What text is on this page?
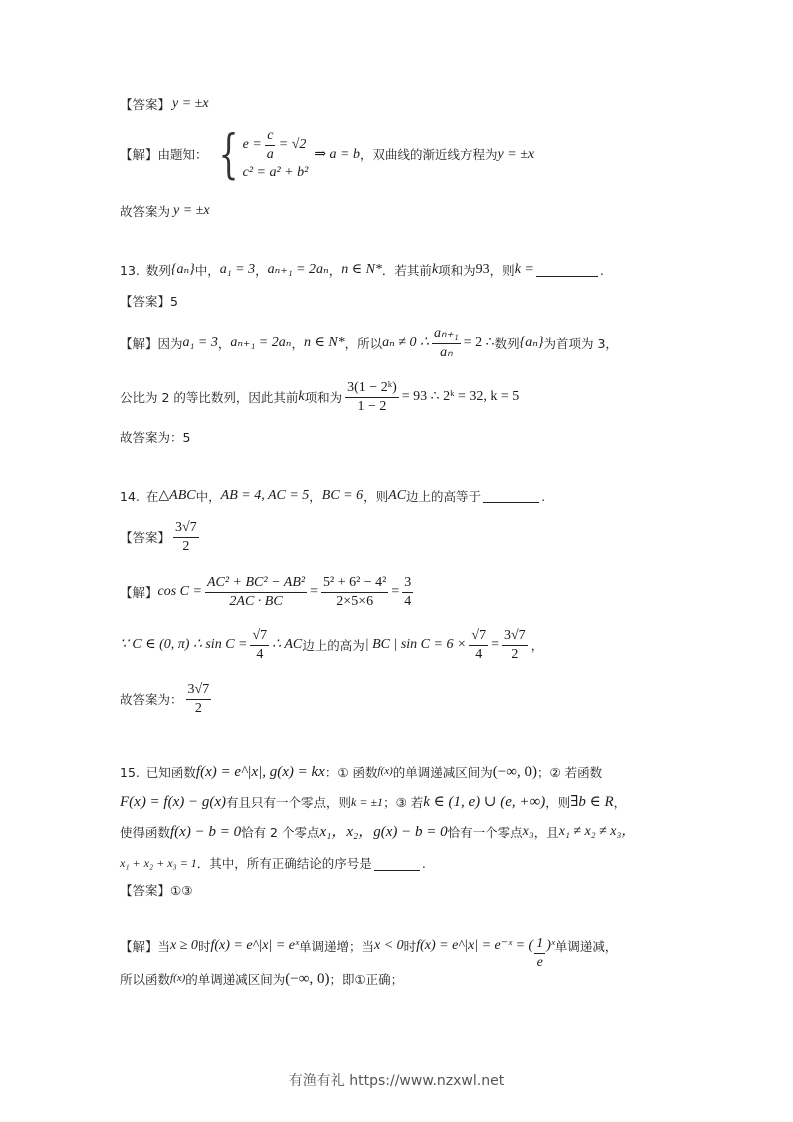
【答案】 y = ±x
【解】 由题知： { $e = \frac{c}{a} = √2$
c² = a² + b²
⇒ a = b ，双曲线的渐近线方程为 y = ±x
故答案为 y = ±x
13. 数列 {aₙ} 中， a₁ = 3 ， aₙ₊₁ = 2aₙ ， n ∈ N* ．若其前 k 项和为 93 ，则 k =	.
【答案】 5
【解】 因为 a₁ = 3 ， aₙ₊₁ = 2aₙ ， n ∈ N* ，所以 aₙ ≠ 0 ∴ $\frac{\text{aₙ₊₁}}{\text{aₙ}} = 2$ ∴ 数列 {aₙ} 为首项为 3，
公比为 2 的等比数列，因此其前 k 项和为 $\frac{\text{3(1 − 2ᵏ)}}{1 - 2} = 93$ ∴ 2ᵏ = 32, k = 5
故答案为：5
14. 在 △ABC 中， AB = 4, AC = 5 ， BC = 6 ，则 AC 边上的高等于	.
【答案】 $\frac{3√7}{2}$
【解】 $\cos C = \frac{\text{AC² + BC² − AB²}}{2AC \cdot BC} = \frac{\text{5² + 6² − 4²}}{2\times 5\times 6} = \frac{3}{4}$
∵ C ∈ (0, π) ∴ $\sin C = \frac{√7}{4}$ ∴ AC 边上的高为 | BC | $\sin C = 6 \times \frac{√7}{4} = \frac{3√7}{2}$ ，
故答案为： $\frac{3√7}{2}$
15. 已知函数 f(x) = e^|x|, g(x) = kx ：① 函数 f(x) 的单调递减区间为 (−∞, 0) ；② 若函数
F(x) = f(x) − g(x) 有且只有一个零点，则 k = ±1 ；③ 若 k ∈ (1, e) ∪ (e, +∞) ，则 ∃b ∈ R ，
使得函数 f(x) − b = 0 恰有 2 个零点 x₁，x₂，g(x) − b = 0 恰有一个零点 x₃ ，且 x₁ ≠ x₂ ≠ x₃，
x₁ + x₂ + x₃ = 1 ．其中，所有正确结论的序号是	.
【答案】 ①③
【解】 当 x ≥ 0 时 f(x) = e^|x| = eˣ 单调递增；当 x < 0 时 f(x) = e^|x| = e⁻ˣ = ( $\frac{1}{e}$ )ˣ 单调递减，
所以函数 f(x) 的单调递减区间为 (−∞, 0) ；即①正确；
有渔有礼 https://www.nzxwl.net
